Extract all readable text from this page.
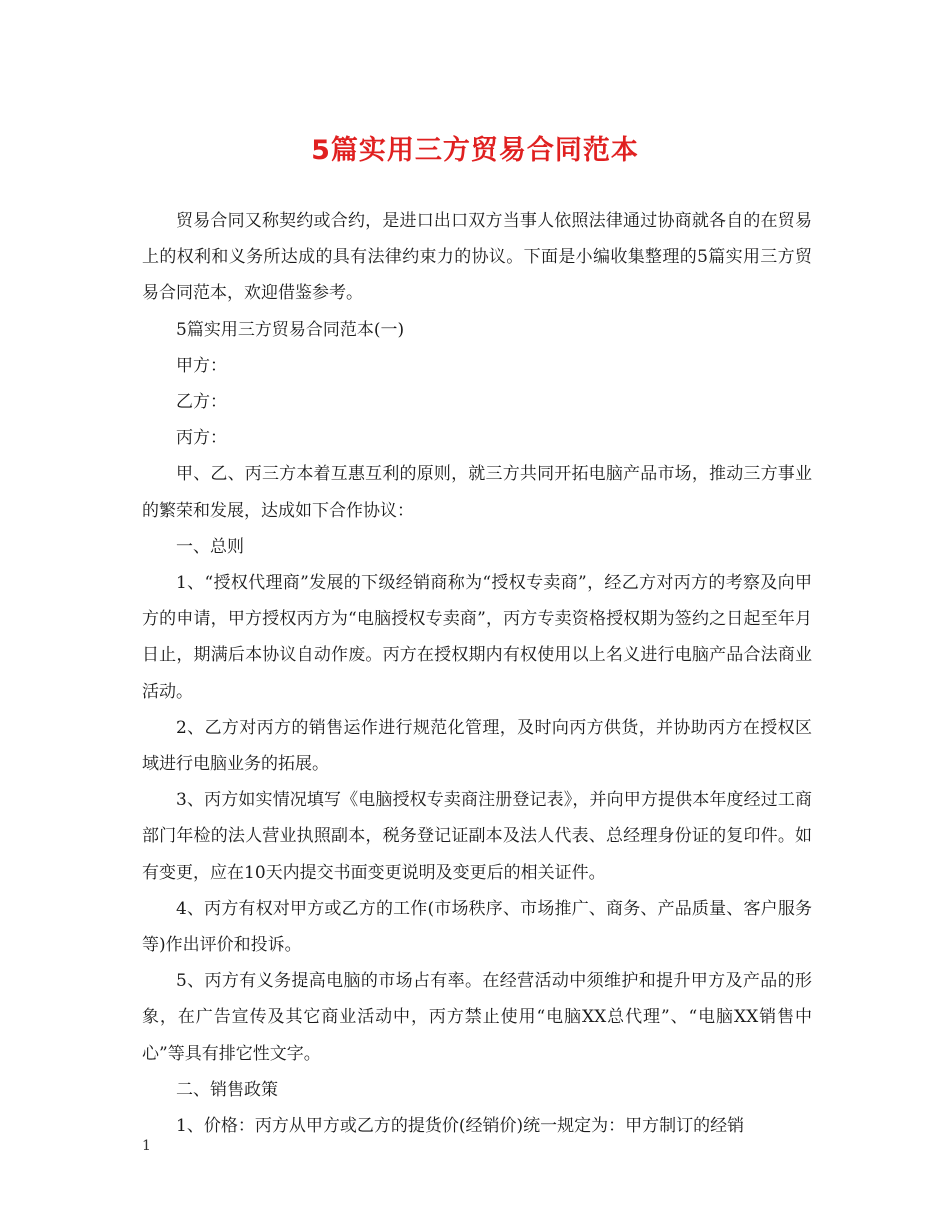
5篇实用三方贸易合同范本

贸易合同又称契约或合约，是进口出口双方当事人依照法律通过协商就各自的在贸易上的权利和义务所达成的具有法律约束力的协议。下面是小编收集整理的5篇实用三方贸易合同范本，欢迎借鉴参考。

5篇实用三方贸易合同范本(一)

甲方：

乙方：

丙方：

甲、乙、丙三方本着互惠互利的原则，就三方共同开拓电脑产品市场，推动三方事业的繁荣和发展，达成如下合作协议：

一、总则

1、“授权代理商”发展的下级经销商称为“授权专卖商”，经乙方对丙方的考察及向甲方的申请，甲方授权丙方为“电脑授权专卖商”，丙方专卖资格授权期为签约之日起至年月日止，期满后本协议自动作废。丙方在授权期内有权使用以上名义进行电脑产品合法商业活动。

2、乙方对丙方的销售运作进行规范化管理，及时向丙方供货，并协助丙方在授权区域进行电脑业务的拓展。

3、丙方如实情况填写《电脑授权专卖商注册登记表》，并向甲方提供本年度经过工商部门年检的法人营业执照副本，税务登记证副本及法人代表、总经理身份证的复印件。如有变更，应在10天内提交书面变更说明及变更后的相关证件。

4、丙方有权对甲方或乙方的工作(市场秩序、市场推广、商务、产品质量、客户服务等)作出评价和投诉。

5、丙方有义务提高电脑的市场占有率。在经营活动中须维护和提升甲方及产品的形象，在广告宣传及其它商业活动中，丙方禁止使用“电脑XX总代理”、“电脑XX销售中心”等具有排它性文字。

二、销售政策

1、价格：丙方从甲方或乙方的提货价(经销价)统一规定为：甲方制订的经销

1
